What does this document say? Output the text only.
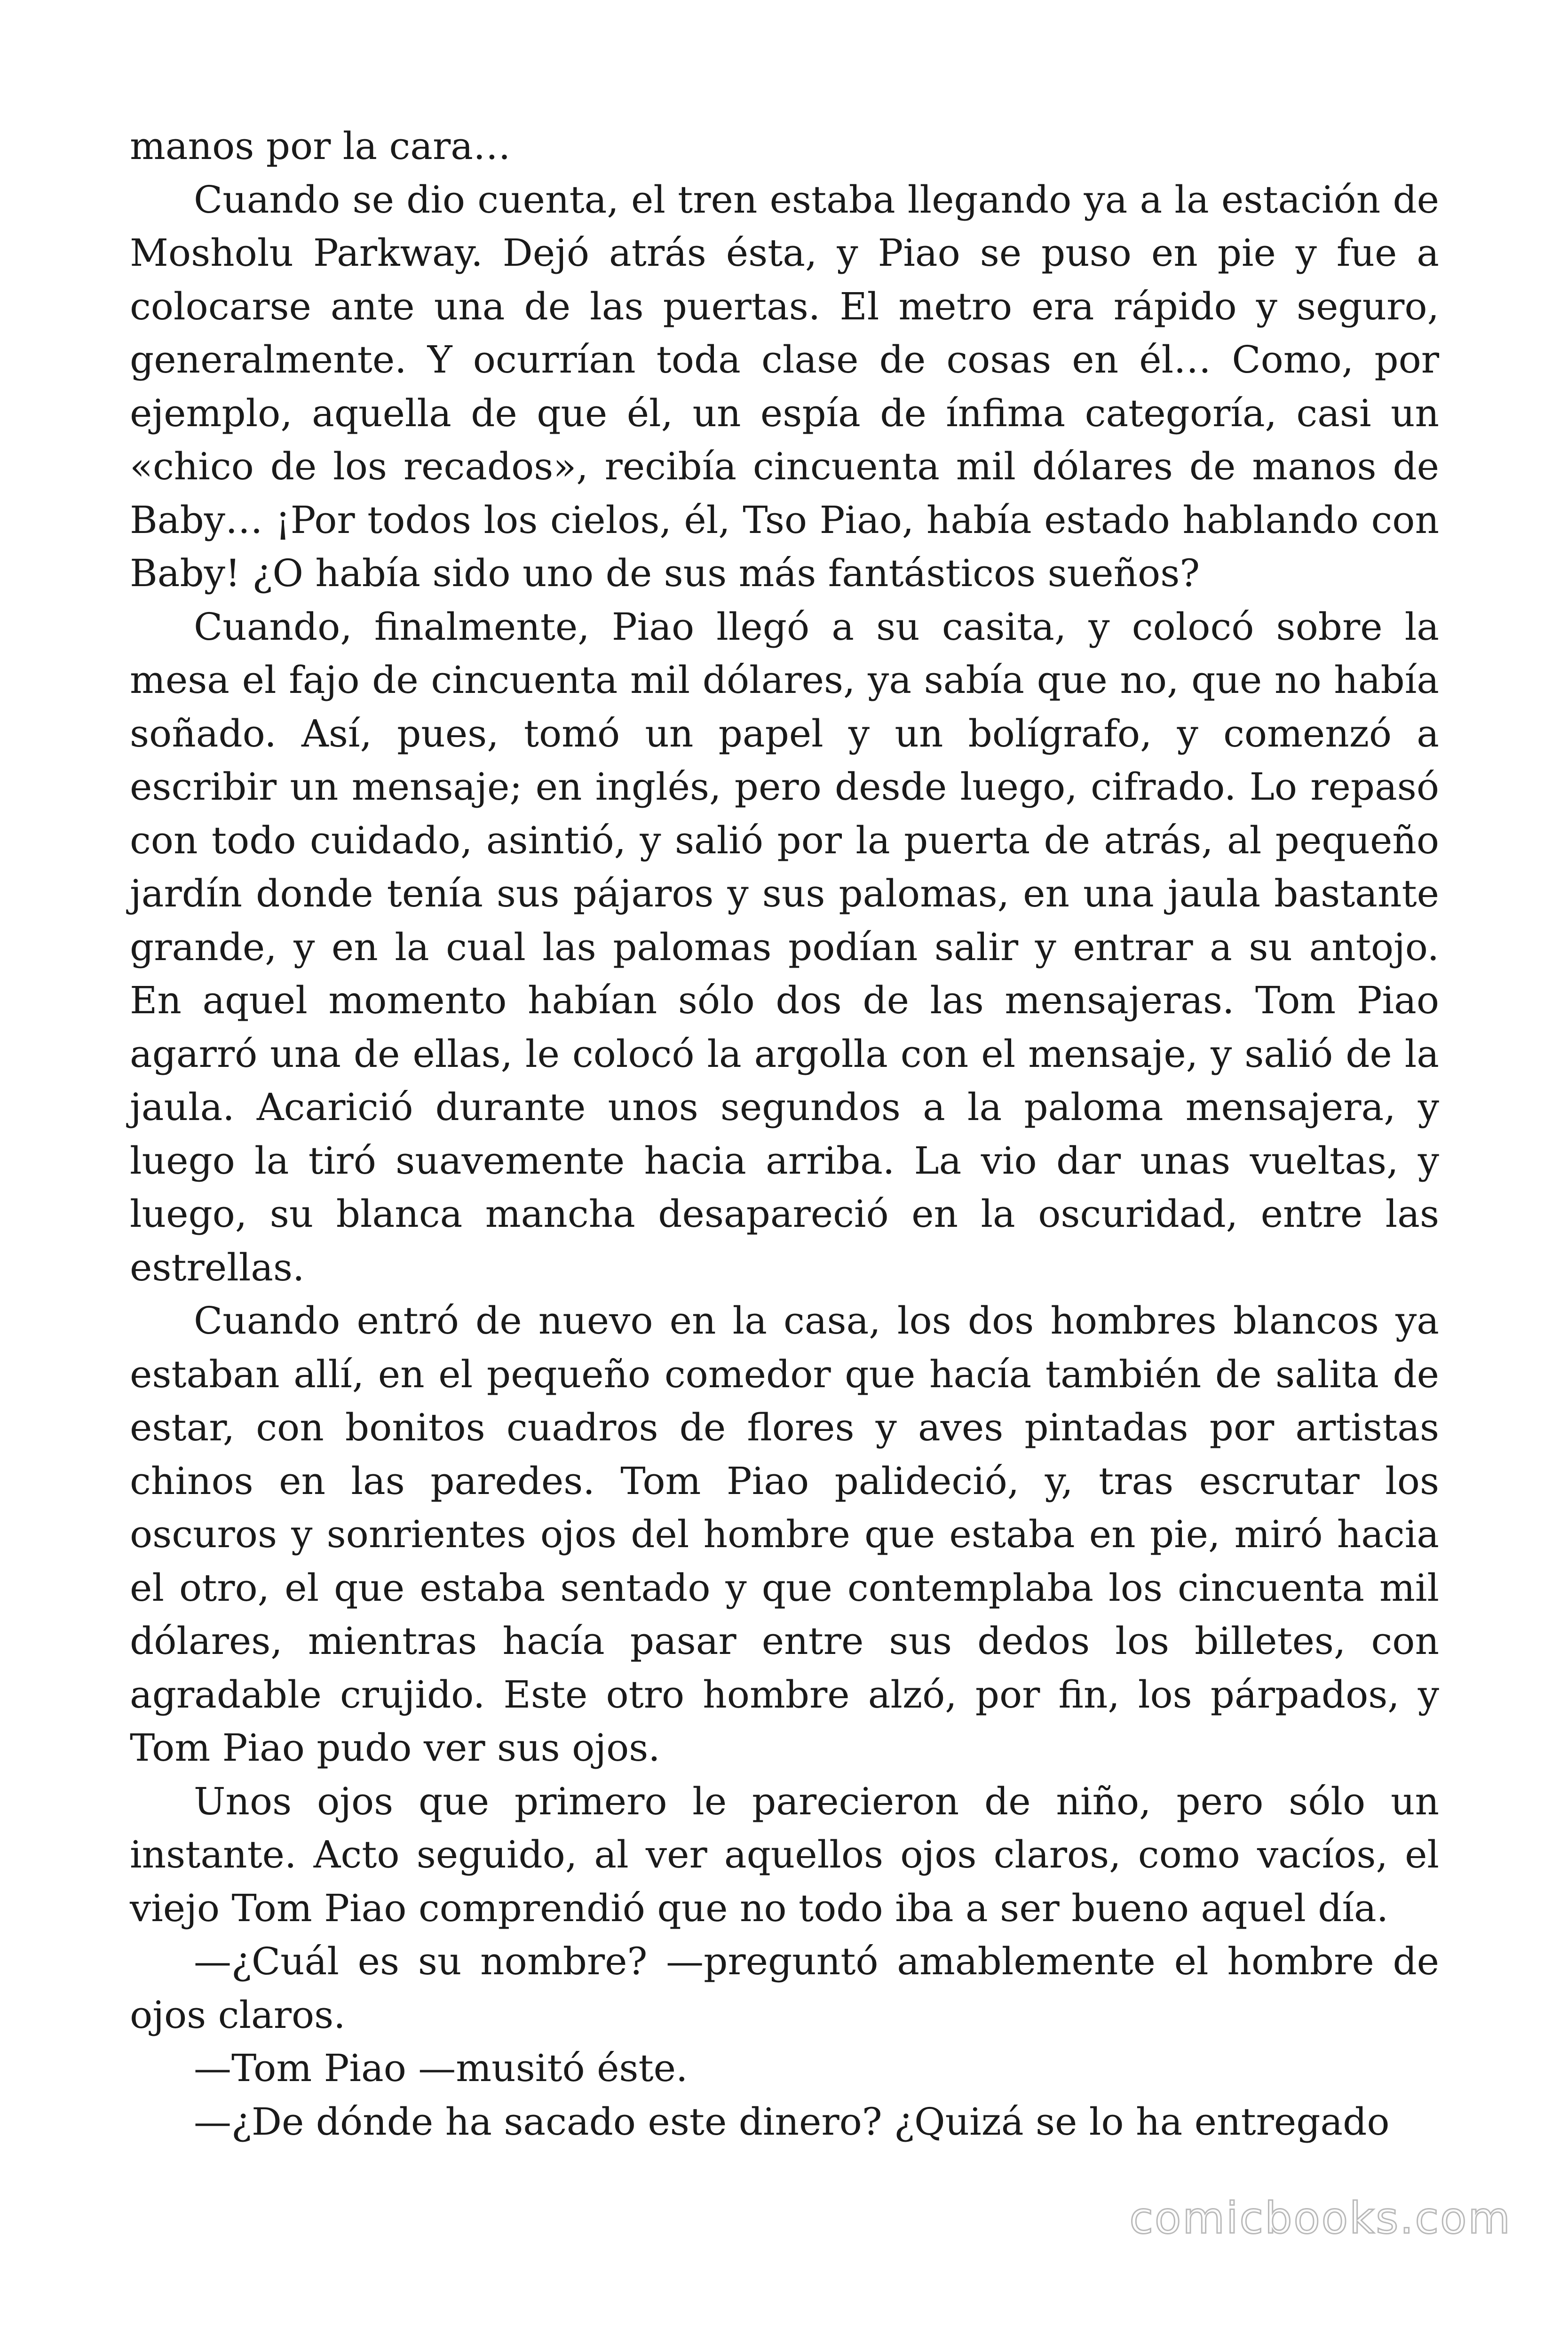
manos por la cara…

Cuando se dio cuenta, el tren estaba llegando ya a la estación de Mosholu Parkway. Dejó atrás ésta, y Piao se puso en pie y fue a colocarse ante una de las puertas. El metro era rápido y seguro, generalmente. Y ocurrían toda clase de cosas en él… Como, por ejemplo, aquella de que él, un espía de ínfima categoría, casi un «chico de los recados», recibía cincuenta mil dólares de manos de Baby… ¡Por todos los cielos, él, Tso Piao, había estado hablando con Baby! ¿O había sido uno de sus más fantásticos sueños?

Cuando, finalmente, Piao llegó a su casita, y colocó sobre la mesa el fajo de cincuenta mil dólares, ya sabía que no, que no había soñado. Así, pues, tomó un papel y un bolígrafo, y comenzó a escribir un mensaje; en inglés, pero desde luego, cifrado. Lo repasó con todo cuidado, asintió, y salió por la puerta de atrás, al pequeño jardín donde tenía sus pájaros y sus palomas, en una jaula bastante grande, y en la cual las palomas podían salir y entrar a su antojo. En aquel momento habían sólo dos de las mensajeras. Tom Piao agarró una de ellas, le colocó la argolla con el mensaje, y salió de la jaula. Acarició durante unos segundos a la paloma mensajera, y luego la tiró suavemente hacia arriba. La vio dar unas vueltas, y luego, su blanca mancha desapareció en la oscuridad, entre las estrellas.

Cuando entró de nuevo en la casa, los dos hombres blancos ya estaban allí, en el pequeño comedor que hacía también de salita de estar, con bonitos cuadros de flores y aves pintadas por artistas chinos en las paredes. Tom Piao palideció, y, tras escrutar los oscuros y sonrientes ojos del hombre que estaba en pie, miró hacia el otro, el que estaba sentado y que contemplaba los cincuenta mil dólares, mientras hacía pasar entre sus dedos los billetes, con agradable crujido. Este otro hombre alzó, por fin, los párpados, y Tom Piao pudo ver sus ojos.

Unos ojos que primero le parecieron de niño, pero sólo un instante. Acto seguido, al ver aquellos ojos claros, como vacíos, el viejo Tom Piao comprendió que no todo iba a ser bueno aquel día.

—¿Cuál es su nombre? —preguntó amablemente el hombre de ojos claros.

—Tom Piao —musitó éste.

—¿De dónde ha sacado este dinero? ¿Quizá se lo ha entregado

comicbooks.com
